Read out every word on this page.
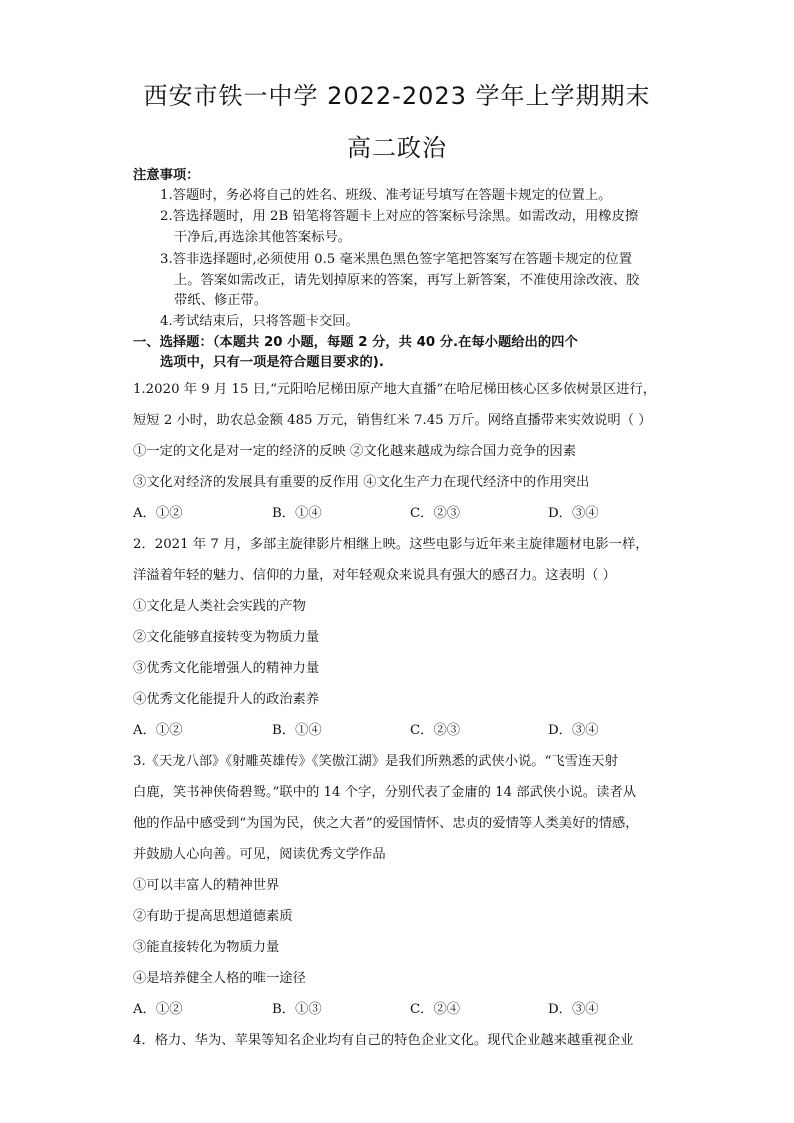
西安市铁一中学 2022-2023 学年上学期期末
高二政治
注意事项：
1.答题时，务必将自己的姓名、班级、准考证号填写在答题卡规定的位置上。
2.答选择题时，用 2B 铅笔将答题卡上对应的答案标号涂黑。如需改动，用橡皮擦
干净后,再选涂其他答案标号。
3.答非选择题时,必须使用 0.5 毫米黑色黑色签字笔把答案写在答题卡规定的位置
上。答案如需改正，请先划掉原来的答案，再写上新答案，不准使用涂改液、胶
带纸、修正带。
4.考试结束后，只将答题卡交回。
一、选择题：（本题共 20 小题，每题 2 分，共 40 分.在每小题给出的四个
选项中，只有一项是符合题目要求的).
1.2020 年 9 月 15 日,“元阳哈尼梯田原产地大直播”在哈尼梯田核心区多依树景区进行，
短短 2 小时，助农总金额 485 万元，销售红米 7.45 万斤。网络直播带来实效说明（ ）
①一定的文化是对一定的经济的反映 ②文化越来越成为综合国力竞争的因素
③文化对经济的发展具有重要的反作用 ④文化生产力在现代经济中的作用突出
A．①②	B．①④	C．②③	D．③④
2．2021 年 7 月，多部主旋律影片相继上映。这些电影与近年来主旋律题材电影一样，
洋溢着年轻的魅力、信仰的力量，对年轻观众来说具有强大的感召力。这表明（ ）
①文化是人类社会实践的产物
②文化能够直接转变为物质力量
③优秀文化能增强人的精神力量
④优秀文化能提升人的政治素养
A．①②	B．①④	C．②③	D．③④
3.《天龙八部》《射雕英雄传》《笑傲江湖》是我们所熟悉的武侠小说。“飞雪连天射
白鹿，笑书神侠倚碧鸳。”联中的 14 个字，分别代表了金庸的 14 部武侠小说。读者从
他的作品中感受到“为国为民，侠之大者”的爱国情怀、忠贞的爱情等人类美好的情感，
并鼓励人心向善。可见，阅读优秀文学作品
①可以丰富人的精神世界
②有助于提高思想道德素质
③能直接转化为物质力量
④是培养健全人格的唯一途径
A．①②	B．①③	C．②④	D．③④
4．格力、华为、苹果等知名企业均有自己的特色企业文化。现代企业越来越重视企业
